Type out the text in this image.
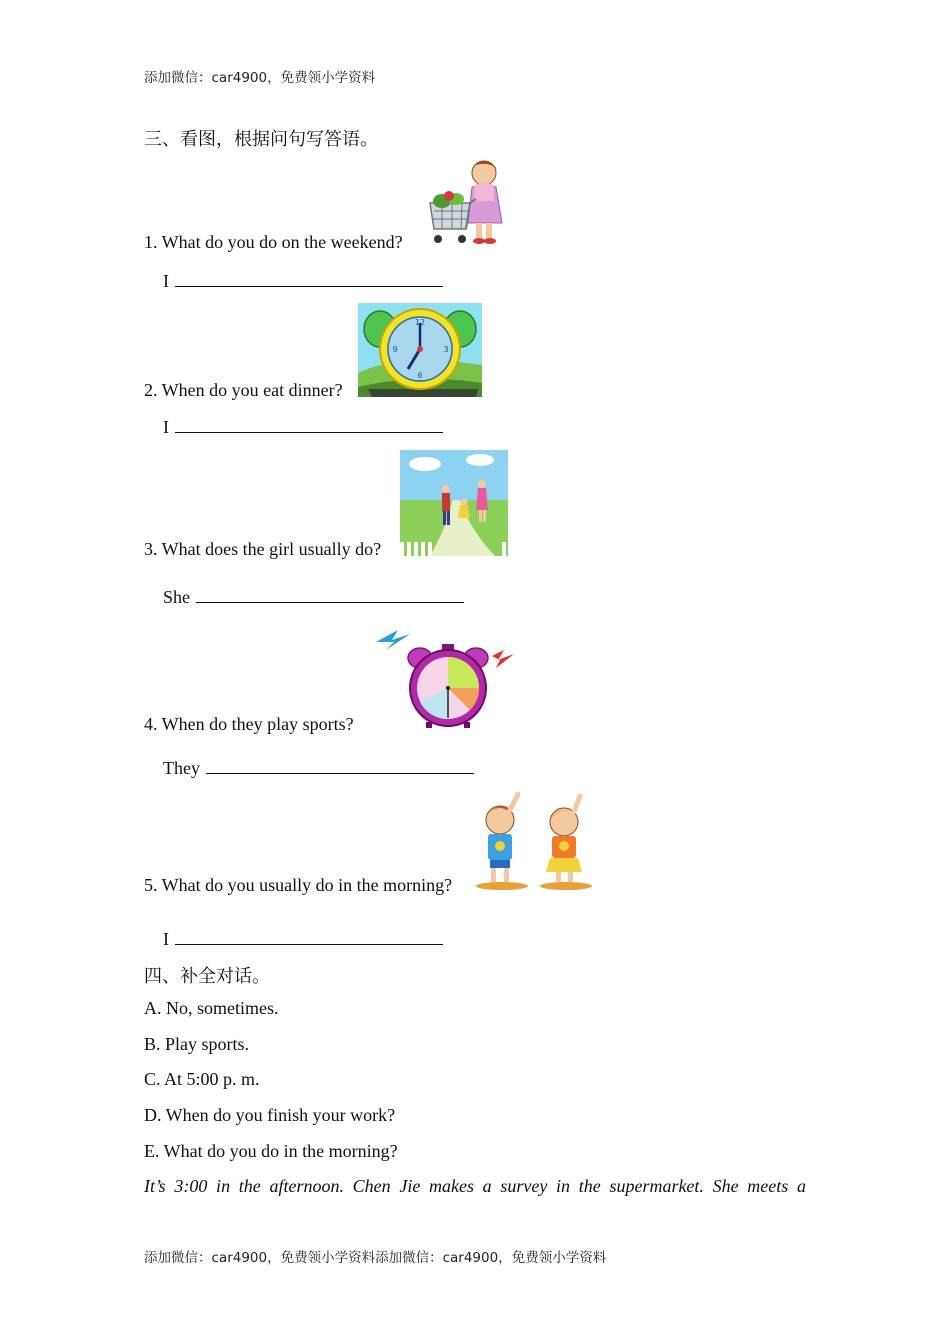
添加微信：car4900，免费领小学资料
三、看图，根据问句写答语。
1. What do you do on the weekend?
I
12
3
6
9
2. When do you eat dinner?
I
3. What does the girl usually do?
She
4. When do they play sports?
They
5. What do you usually do in the morning?
I
四、补全对话。
A. No, sometimes.
B. Play sports.
C. At 5:00 p. m.
D. When do you finish your work?
E. What do you do in the morning?
It’s 3:00 in the afternoon. Chen Jie makes a survey in the supermarket. She meets a
添加微信：car4900，免费领小学资料添加微信：car4900，免费领小学资料
